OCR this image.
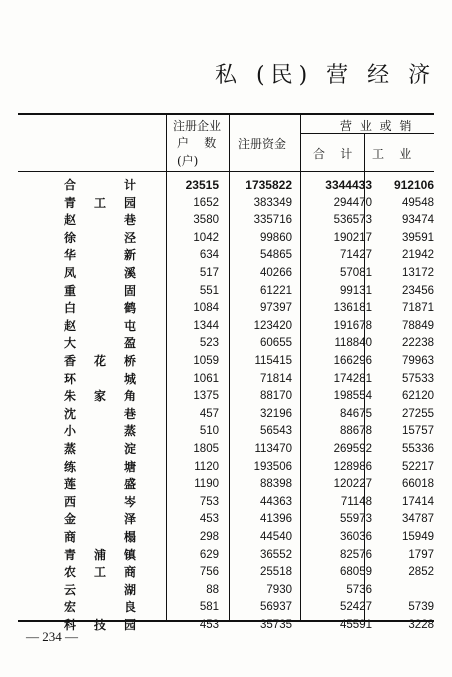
私 (民) 营 经 济
注册企业
户    数
(户)
注册资金
营 业 或 销
合    计 工    业
合 计	23515 1735822	3344433 912106
青工园	1652	383349	294470	49548
赵 巷	3580	335716	536573	93474
徐 泾	1042	99860	190217	39591
华 新	634	54865	71427	21942
凤 溪	517	40266	57081	13172
重 固	551	61221	99131	23456
白 鹤	1084	97397	136181	71871
赵 屯	1344	123420	191678	78849
大 盈	523	60655	118840	22238
香花桥	1059	115415	166296	79963
环 城	1061	71814	174281	57533
朱家角	1375	88170	198554	62120
沈 巷	457	32196	84675	27255
小 蒸	510	56543	88678	15757
蒸 淀	1805	113470	269592	55336
练 塘	1120	193506	128986	52217
莲 盛	1190	88398	120227	66018
西 岑	753	44363	71148	17414
金 泽	453	41396	55973	34787
商 榻	298	44540	36036	15949
青浦镇	629	36552	82576	1797
农工商	756	25518	68059	2852
云 湖	88	7930	5736
宏 良	581	56937	52427	5739
科技园	453	35735	45591	3228
— 234 —
